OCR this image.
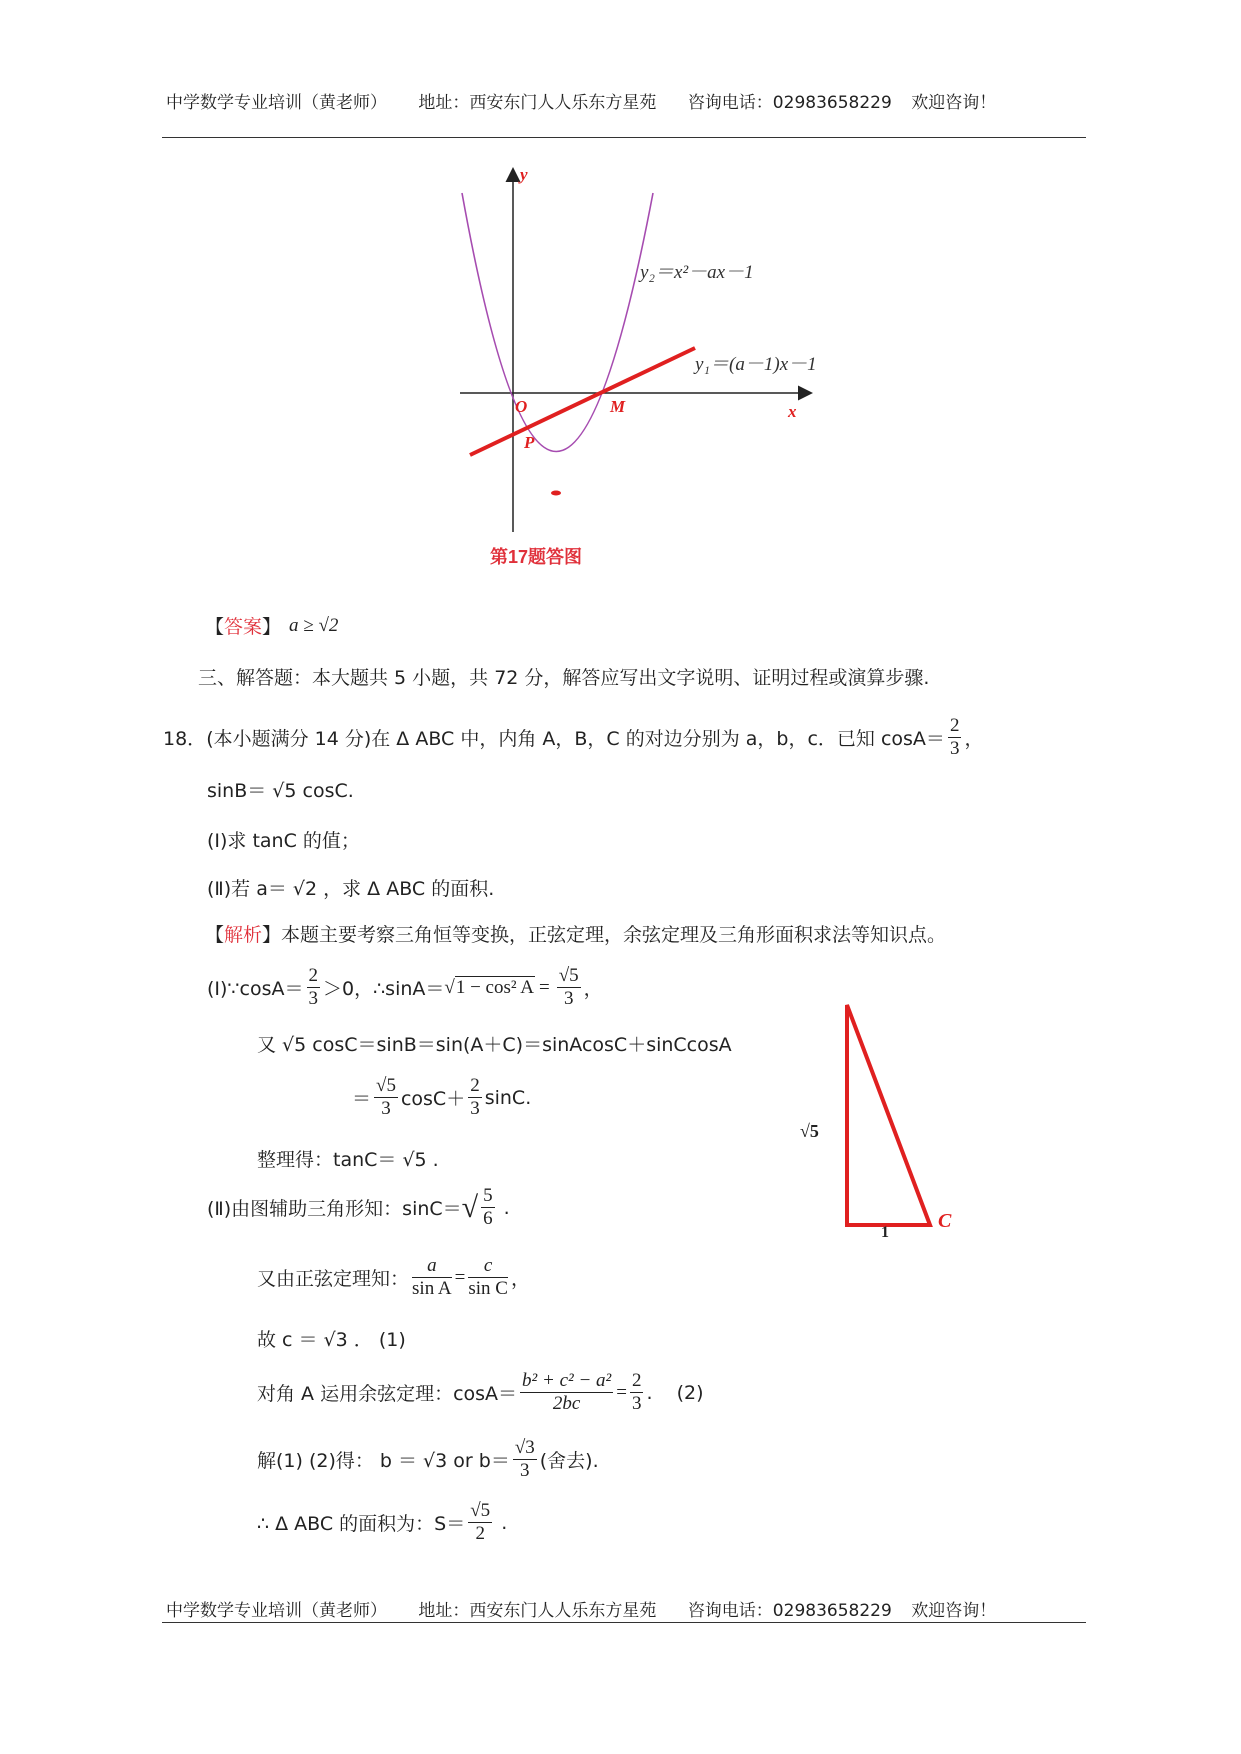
中学数学专业培训（黄老师） 地址：西安东门人人乐东方星苑 咨询电话：02983658229 欢迎咨询！
y
x
O	M
P
y₂＝x²－ax－1
y₁＝(a－1)x－1
第17题答图
【 答案 】 a ≥ √2
三、解答题：本大题共 5 小题，共 72 分，解答应写出文字说明、证明过程或演算步骤.
18． (本小题满分 14 分)在 Δ ABC 中，内角 A，B，C 的对边分别为 a，b，c．已知 $\cos A= \frac{2}{3}$ ，
sinB＝ √5 cosC.
(Ⅰ)求 tanC 的值；
(Ⅱ)若 a＝ √2 ，求 Δ ABC 的面积.
【 解析 】 本题主要考察三角恒等变换，正弦定理，余弦定理及三角形面积求法等知识点。
(Ⅰ)∵cosA＝ $\frac{2}{3} >0$，∴sinA＝ √ 1 − cos² $A = \frac{√5}{3}$ ，
又 √5 cosC＝sinB＝sin(A＋C)＝sinAcosC＋sinCcosA
＝ $\frac{√5}{3} \cos C+ \frac{2}{3} \sin C$.
整理得：tanC＝ √5 .
(Ⅱ)由图辅助三角形知：sinC＝ √ $\frac{5}{6}$ .
又由正弦定理知： $\frac{a}{\text{sin A}} = \frac{c}{\text{sin C}}$ ，
故 c ＝ √3 ． (1)
对角 A 运用余弦定理：$\cos A= \frac{\text{b² + c² − a²}}{2bc} = \frac{2}{3}$ . (2)
解(1) (2)得： b ＝ √3 or $b= \frac{√3}{3}$ (舍去).
∴ Δ ABC 的面积为：$S= \frac{√5}{2}$ .
√5
1
C
中学数学专业培训（黄老师） 地址：西安东门人人乐东方星苑 咨询电话：02983658229 欢迎咨询！
